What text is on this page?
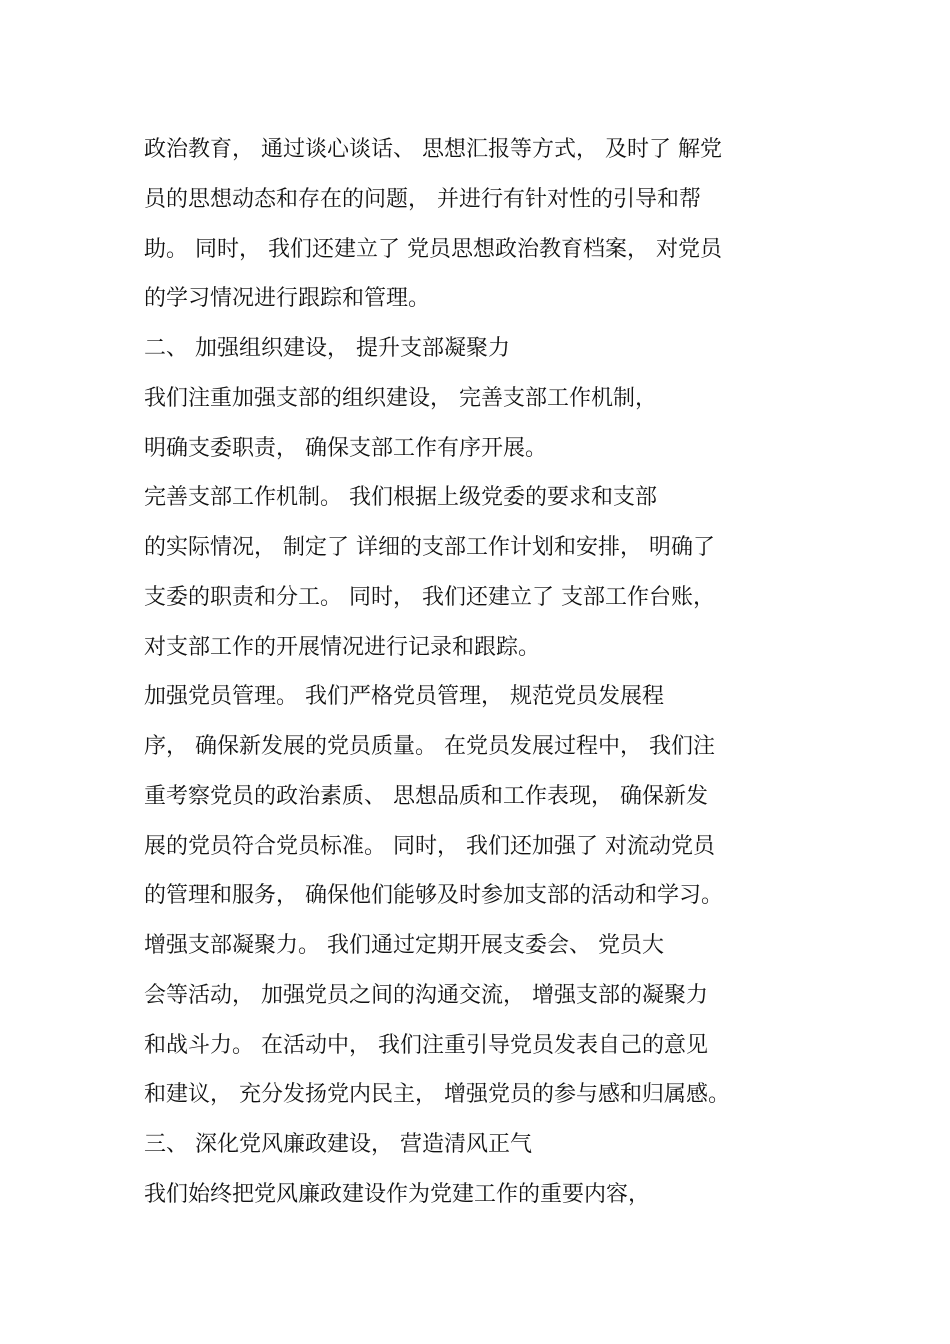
政治教育， 通过谈心谈话、 思想汇报等方式， 及时了 解党
员的思想动态和存在的问题， 并进行有针对性的引导和帮
助。 同时， 我们还建立了 党员思想政治教育档案， 对党员
的学习情况进行跟踪和管理。
二、 加强组织建设， 提升支部凝聚力
我们注重加强支部的组织建设， 完善支部工作机制，
明确支委职责， 确保支部工作有序开展。
完善支部工作机制。 我们根据上级党委的要求和支部
的实际情况， 制定了 详细的支部工作计划和安排， 明确了
支委的职责和分工。 同时， 我们还建立了 支部工作台账，
对支部工作的开展情况进行记录和跟踪。
加强党员管理。 我们严格党员管理， 规范党员发展程
序， 确保新发展的党员质量。 在党员发展过程中， 我们注
重考察党员的政治素质、 思想品质和工作表现， 确保新发
展的党员符合党员标准。 同时， 我们还加强了 对流动党员
的管理和服务， 确保他们能够及时参加支部的活动和学习。
增强支部凝聚力。 我们通过定期开展支委会、 党员大
会等活动， 加强党员之间的沟通交流， 增强支部的凝聚力
和战斗力。 在活动中， 我们注重引导党员发表自己的意见
和建议， 充分发扬党内民主， 增强党员的参与感和归属感。
三、 深化党风廉政建设， 营造清风正气
我们始终把党风廉政建设作为党建工作的重要内容，
